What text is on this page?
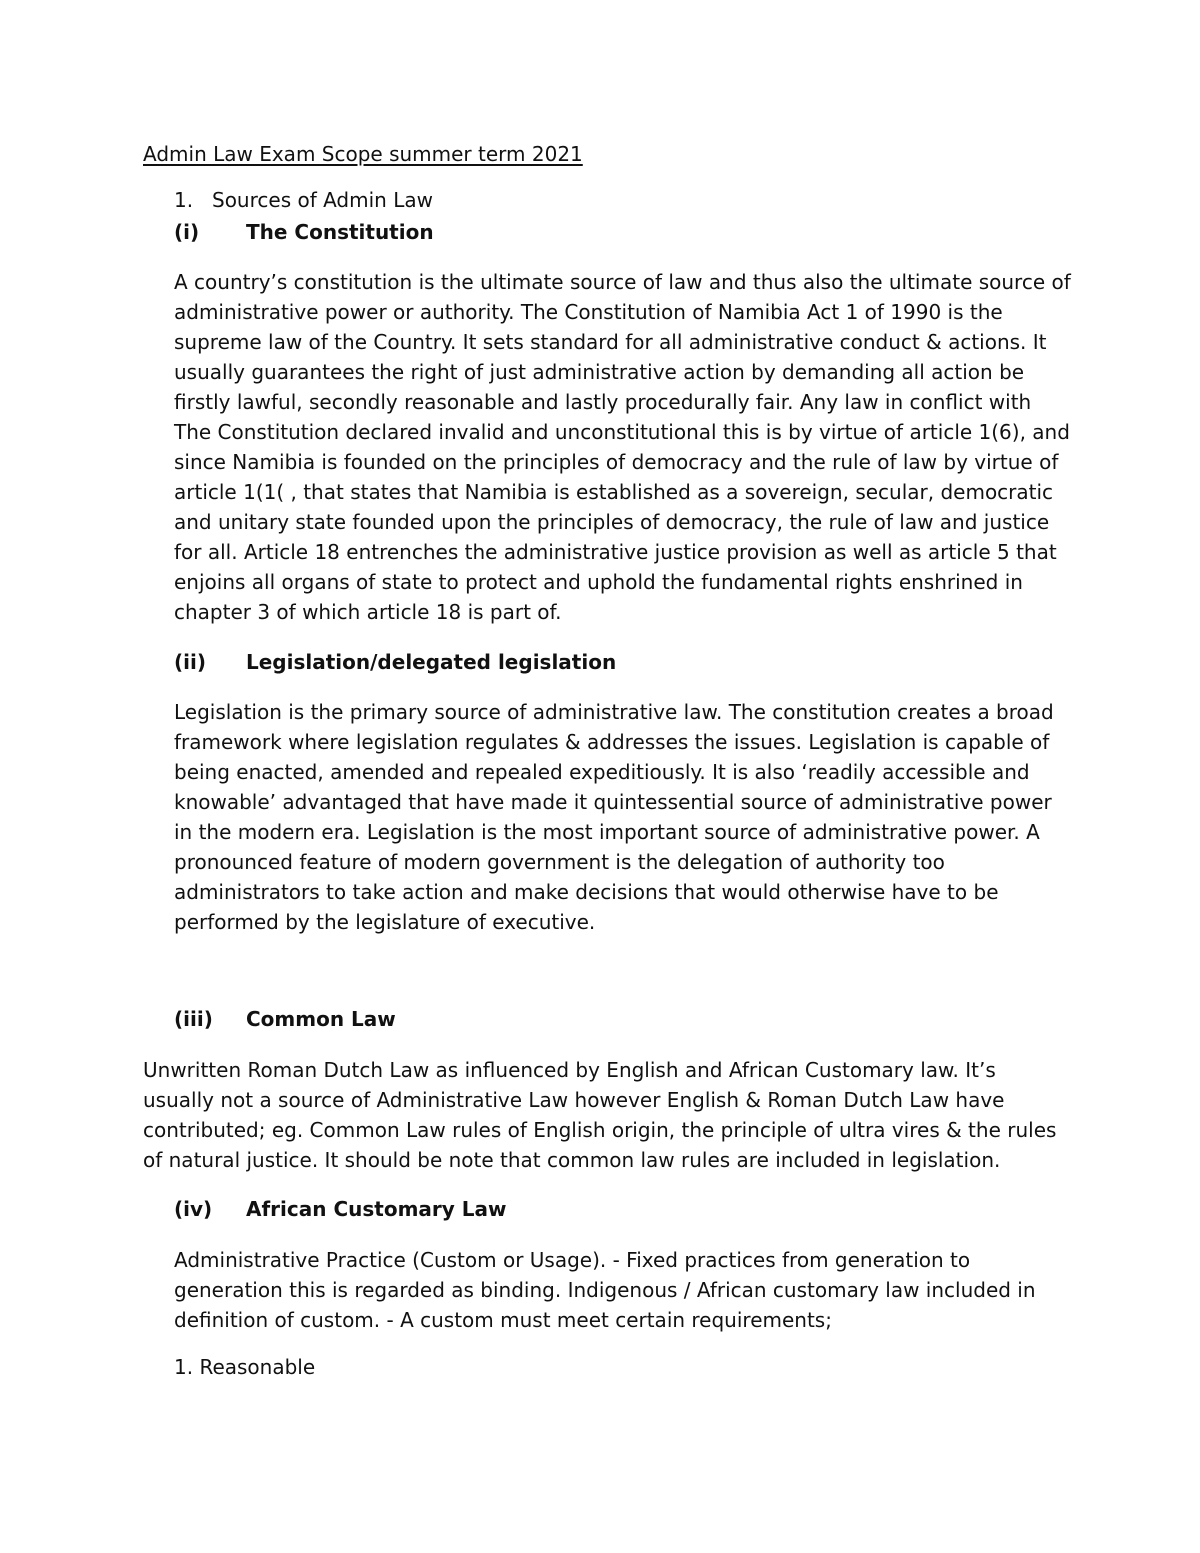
Admin Law Exam Scope summer term 2021
1. Sources of Admin Law
(i) The Constitution

A country’s constitution is the ultimate source of law and thus also the ultimate source of administrative power or authority. The Constitution of Namibia Act 1 of 1990 is the supreme law of the Country. It sets standard for all administrative conduct & actions. It usually guarantees the right of just administrative action by demanding all action be firstly lawful, secondly reasonable and lastly procedurally fair. Any law in conflict with The Constitution declared invalid and unconstitutional this is by virtue of article 1(6), and since Namibia is founded on the principles of democracy and the rule of law by virtue of article 1(1( , that states that Namibia is established as a sovereign, secular, democratic and unitary state founded upon the principles of democracy, the rule of law and justice for all. Article 18 entrenches the administrative justice provision as well as article 5 that enjoins all organs of state to protect and uphold the fundamental rights enshrined in chapter 3 of which article 18 is part of.

(ii) Legislation/delegated legislation

Legislation is the primary source of administrative law. The constitution creates a broad framework where legislation regulates & addresses the issues. Legislation is capable of being enacted, amended and repealed expeditiously. It is also ‘readily accessible and knowable’ advantaged that have made it quintessential source of administrative power in the modern era. Legislation is the most important source of administrative power. A pronounced feature of modern government is the delegation of authority too administrators to take action and make decisions that would otherwise have to be performed by the legislature of executive.

(iii) Common Law

Unwritten Roman Dutch Law as influenced by English and African Customary law. It’s usually not a source of Administrative Law however English & Roman Dutch Law have contributed; eg. Common Law rules of English origin, the principle of ultra vires & the rules of natural justice. It should be note that common law rules are included in legislation.

(iv) African Customary Law

Administrative Practice (Custom or Usage). - Fixed practices from generation to generation this is regarded as binding. Indigenous / African customary law included in definition of custom. - A custom must meet certain requirements;

1. Reasonable
